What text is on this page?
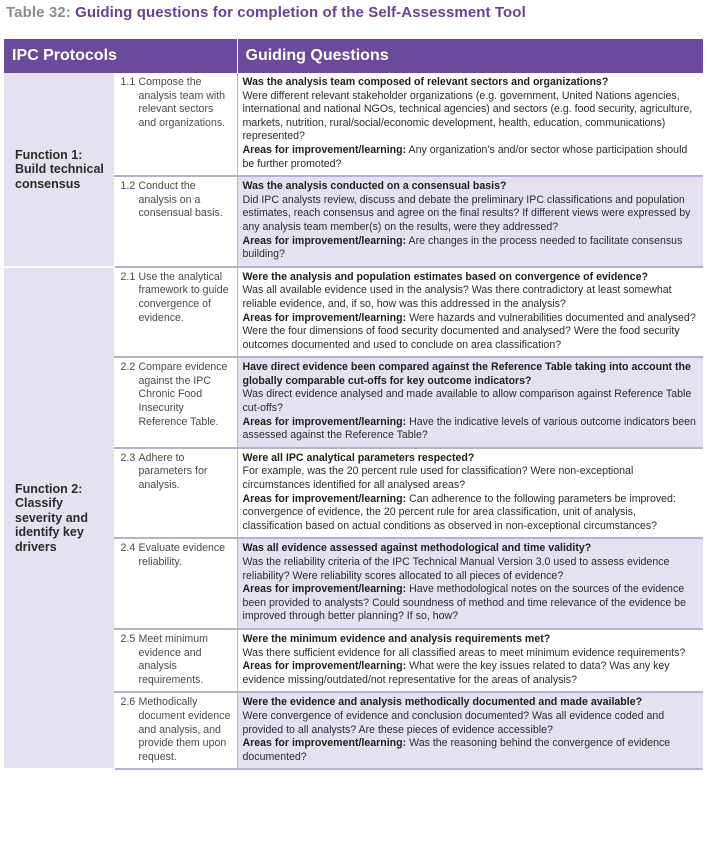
Table 32: Guiding questions for completion of the Self-Assessment Tool
IPC Protocols		Guiding Questions
Function 1: Build technical consensus	1.1 Compose the analysis team with relevant sectors and organizations.	Was the analysis team composed of relevant sectors and organizations?
Were different relevant stakeholder organizations (e.g. government, United Nations agencies, international and national NGOs, technical agencies) and sectors (e.g. food security, agriculture, markets, nutrition, rural/social/economic development, health, education, communications) represented?
Areas for improvement/learning: Any organization's and/or sector whose participation should be further promoted?
	1.2 Conduct the analysis on a consensual basis.	Was the analysis conducted on a consensual basis?
Did IPC analysts review, discuss and debate the preliminary IPC classifications and population estimates, reach consensus and agree on the final results? If different views were expressed by any analysis team member(s) on the results, were they addressed?
Areas for improvement/learning: Are changes in the process needed to facilitate consensus building?
Function 2: Classify severity and identify key drivers	2.1 Use the analytical framework to guide convergence of evidence.	Were the analysis and population estimates based on convergence of evidence?
Was all available evidence used in the analysis? Was there contradictory at least somewhat reliable evidence, and, if so, how was this addressed in the analysis?
Areas for improvement/learning: Were hazards and vulnerabilities documented and analysed? Were the four dimensions of food security documented and analysed? Were the food security outcomes documented and used to conclude on area classification?
	2.2 Compare evidence against the IPC Chronic Food Insecurity Reference Table.	Have direct evidence been compared against the Reference Table taking into account the globally comparable cut-offs for key outcome indicators?
Was direct evidence analysed and made available to allow comparison against Reference Table cut-offs?
Areas for improvement/learning: Have the indicative levels of various outcome indicators been assessed against the Reference Table?
	2.3 Adhere to parameters for analysis.	Were all IPC analytical parameters respected?
For example, was the 20 percent rule used for classification? Were non-exceptional circumstances identified for all analysed areas?
Areas for improvement/learning: Can adherence to the following parameters be improved: convergence of evidence, the 20 percent rule for area classification, unit of analysis, classification based on actual conditions as observed in non-exceptional circumstances?
	2.4 Evaluate evidence reliability.	Was all evidence assessed against methodological and time validity?
Was the reliability criteria of the IPC Technical Manual Version 3.0 used to assess evidence reliability? Were reliability scores allocated to all pieces of evidence?
Areas for improvement/learning: Have methodological notes on the sources of the evidence been provided to analysts? Could soundness of method and time relevance of the evidence be improved through better planning? If so, how?
	2.5 Meet minimum evidence and analysis requirements.	Were the minimum evidence and analysis requirements met?
Was there sufficient evidence for all classified areas to meet minimum evidence requirements?
Areas for improvement/learning: What were the key issues related to data? Was any key evidence missing/outdated/not representative for the areas of analysis?
	2.6 Methodically document evidence and analysis, and provide them upon request.	Were the evidence and analysis methodically documented and made available?
Were convergence of evidence and conclusion documented? Was all evidence coded and provided to all analysts? Are these pieces of evidence accessible?
Areas for improvement/learning: Was the reasoning behind the convergence of evidence documented?
